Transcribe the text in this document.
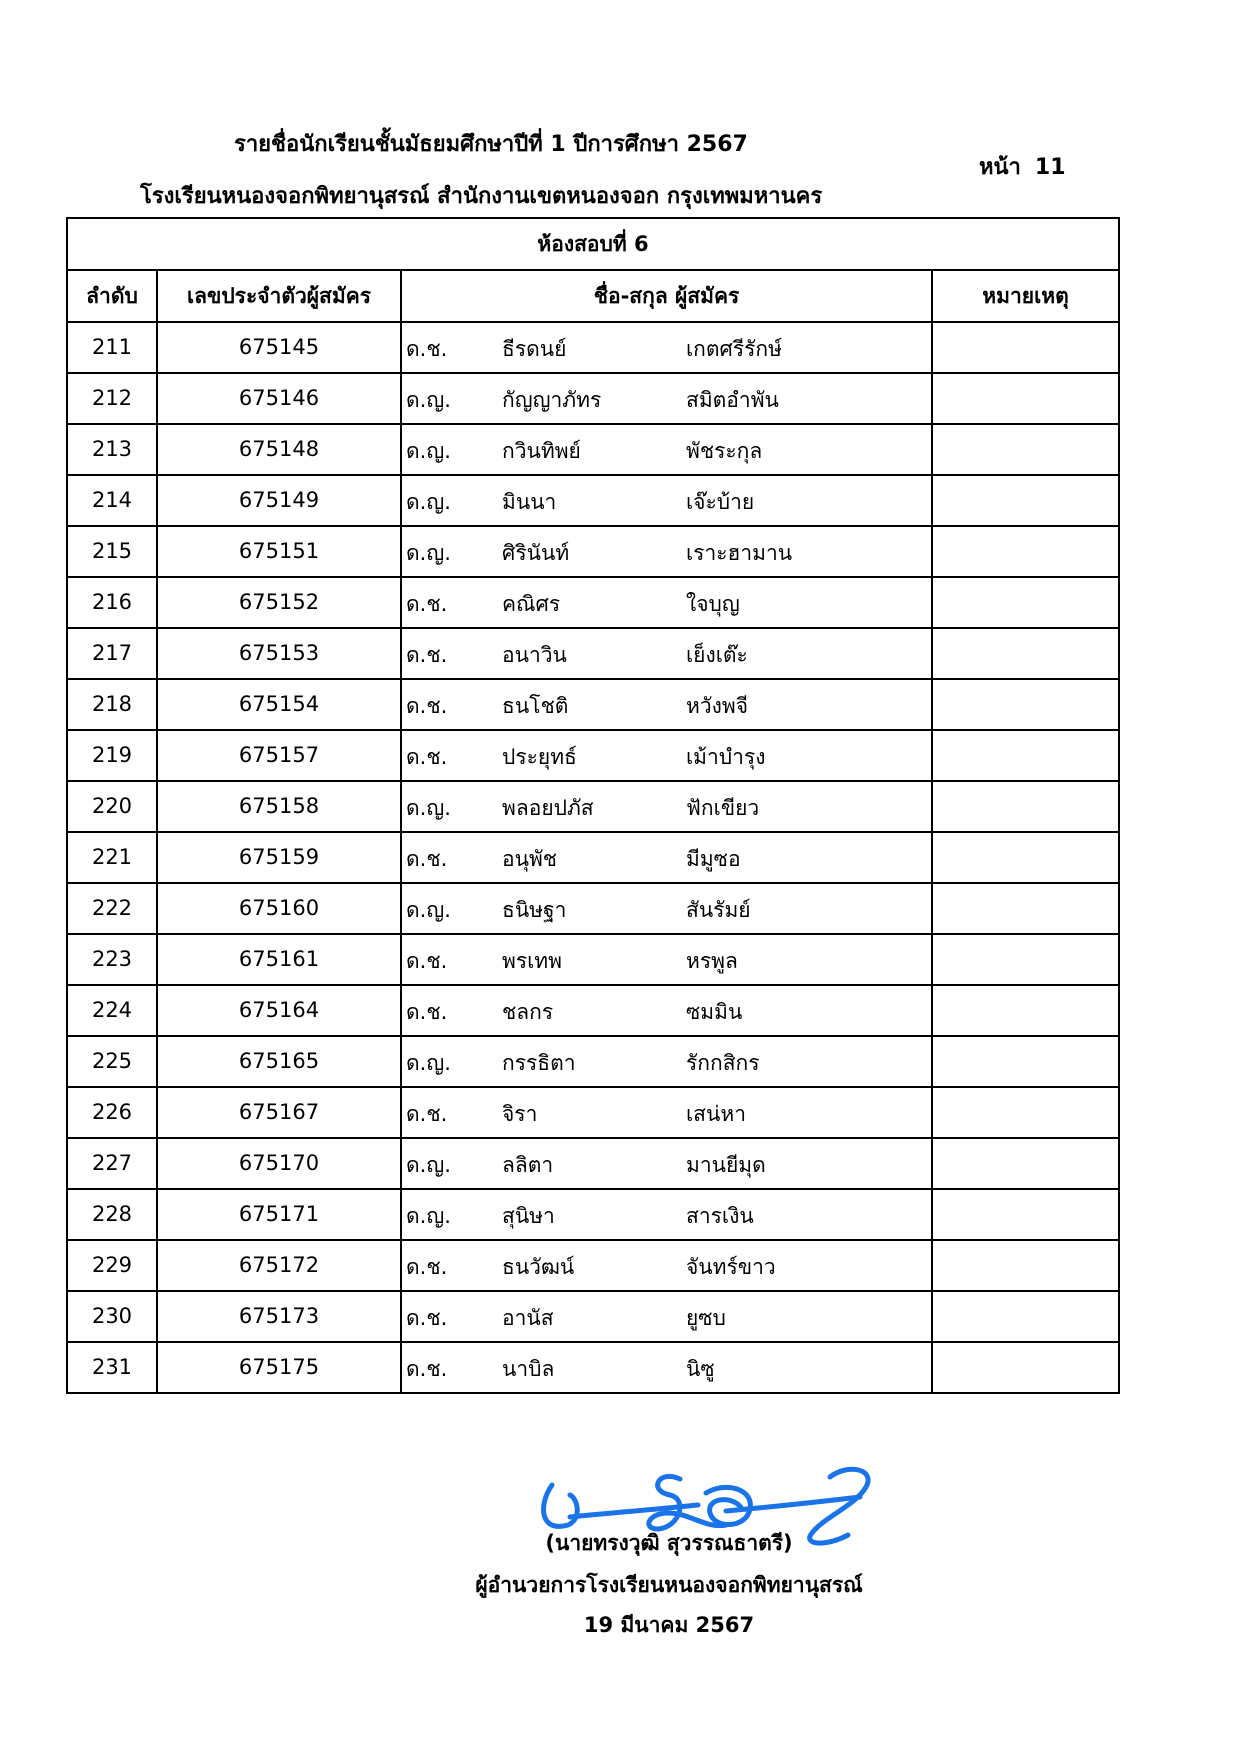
รายชื่อนักเรียนชั้นมัธยมศึกษาปีที่ 1 ปีการศึกษา 2567
หน้า 11
โรงเรียนหนองจอกพิทยานุสรณ์ สำนักงานเขตหนองจอก กรุงเทพมหานคร
ห้องสอบที่ 6			
ลำดับ	เลขประจำตัวผู้สมัคร	ชื่อ-สกุล ผู้สมัคร	หมายเหตุ
211	675145	ด.ช. ธีรดนย์ เกตศรีรักษ์	

212	675146	ด.ญ. กัญญาภัทร สมิตอำพัน	

213	675148	ด.ญ. กวินทิพย์ พัชระกุล	

214	675149	ด.ญ. มินนา เจ๊ะบ้าย	

215	675151	ด.ญ. ศิรินันท์ เราะฮามาน	

216	675152	ด.ช. คณิศร ใจบุญ	

217	675153	ด.ช. อนาวิน เย็งเต๊ะ	

218	675154	ด.ช. ธนโชติ หวังพจี	

219	675157	ด.ช. ประยุทธ์ เม้าบำรุง	

220	675158	ด.ญ. พลอยปภัส ฟักเขียว	

221	675159	ด.ช. อนุพัช มีมูซอ	

222	675160	ด.ญ. ธนิษฐา สันรัมย์	

223	675161	ด.ช. พรเทพ หรพูล	

224	675164	ด.ช. ชลกร ซมมิน	

225	675165	ด.ญ. กรรธิตา รักกสิกร	

226	675167	ด.ช. จิรา เสน่หา	

227	675170	ด.ญ. ลลิตา มานยีมุด	

228	675171	ด.ญ. สุนิษา สารเงิน	

229	675172	ด.ช. ธนวัฒน์ จันทร์ขาว	

230	675173	ด.ช. อานัส ยูซบ	

231	675175	ด.ช. นาบิล นิซู	

(นายทรงวุฒิ สุวรรณธาตรี)
ผู้อำนวยการโรงเรียนหนองจอกพิทยานุสรณ์
19 มีนาคม 2567
